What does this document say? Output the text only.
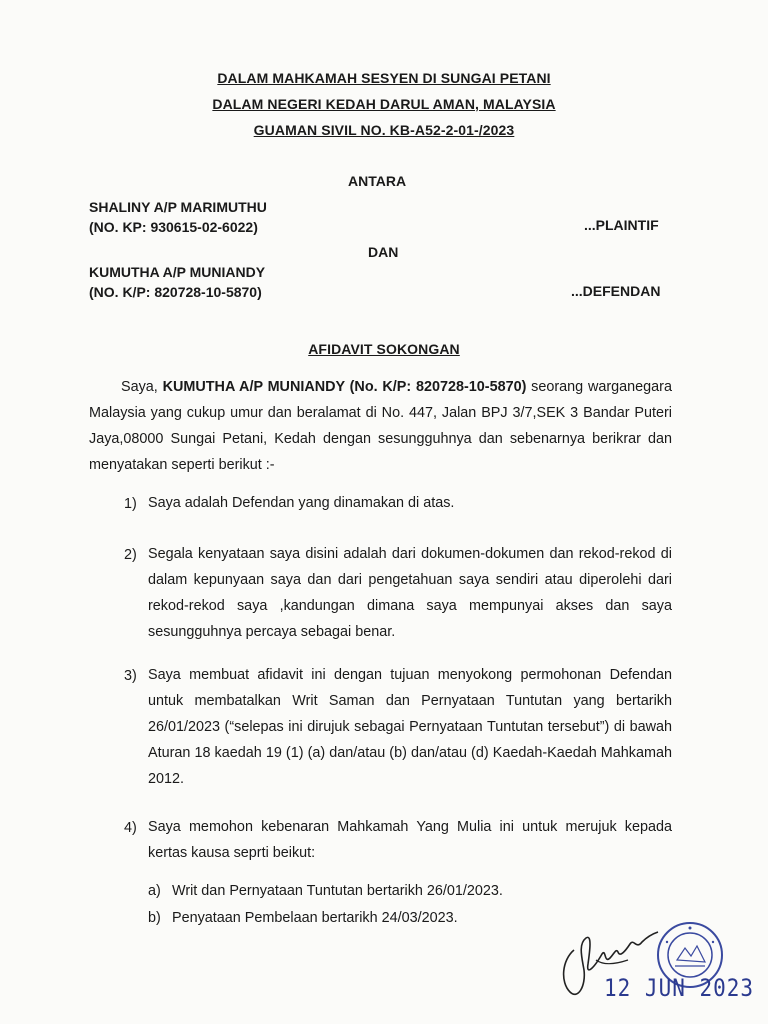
DALAM MAHKAMAH SESYEN DI SUNGAI PETANI
DALAM NEGERI KEDAH DARUL AMAN, MALAYSIA
GUAMAN SIVIL NO. KB-A52-2-01-/2023
ANTARA
SHALINY A/P MARIMUTHU
(NO. KP: 930615-02-6022)	...PLAINTIF
DAN
KUMUTHA A/P MUNIANDY
(NO. K/P: 820728-10-5870)	...DEFENDAN
AFIDAVIT SOKONGAN
Saya, KUMUTHA A/P MUNIANDY (No. K/P: 820728-10-5870) seorang warganegara Malaysia yang cukup umur dan beralamat di No. 447, Jalan BPJ 3/7,SEK 3 Bandar Puteri Jaya,08000 Sungai Petani, Kedah dengan sesungguhnya dan sebenarnya berikrar dan menyatakan seperti berikut :-
1) Saya adalah Defendan yang dinamakan di atas.
2) Segala kenyataan saya disini adalah dari dokumen-dokumen dan rekod-rekod di dalam kepunyaan saya dan dari pengetahuan saya sendiri atau diperolehi dari rekod-rekod saya ,kandungan dimana saya mempunyai akses dan saya sesungguhnya percaya sebagai benar.
3) Saya membuat afidavit ini dengan tujuan menyokong permohonan Defendan untuk membatalkan Writ Saman dan Pernyataan Tuntutan yang bertarikh 26/01/2023 (“selepas ini dirujuk sebagai Pernyataan Tuntutan tersebut”) di bawah Aturan 18 kaedah 19 (1) (a) dan/atau (b) dan/atau (d) Kaedah-Kaedah Mahkamah 2012.
4) Saya memohon kebenaran Mahkamah Yang Mulia ini untuk merujuk kepada kertas kausa seprti beikut:
a) Writ dan Pernyataan Tuntutan bertarikh 26/01/2023.
b) Penyataan Pembelaan bertarikh 24/03/2023.
12 JUN 2023
